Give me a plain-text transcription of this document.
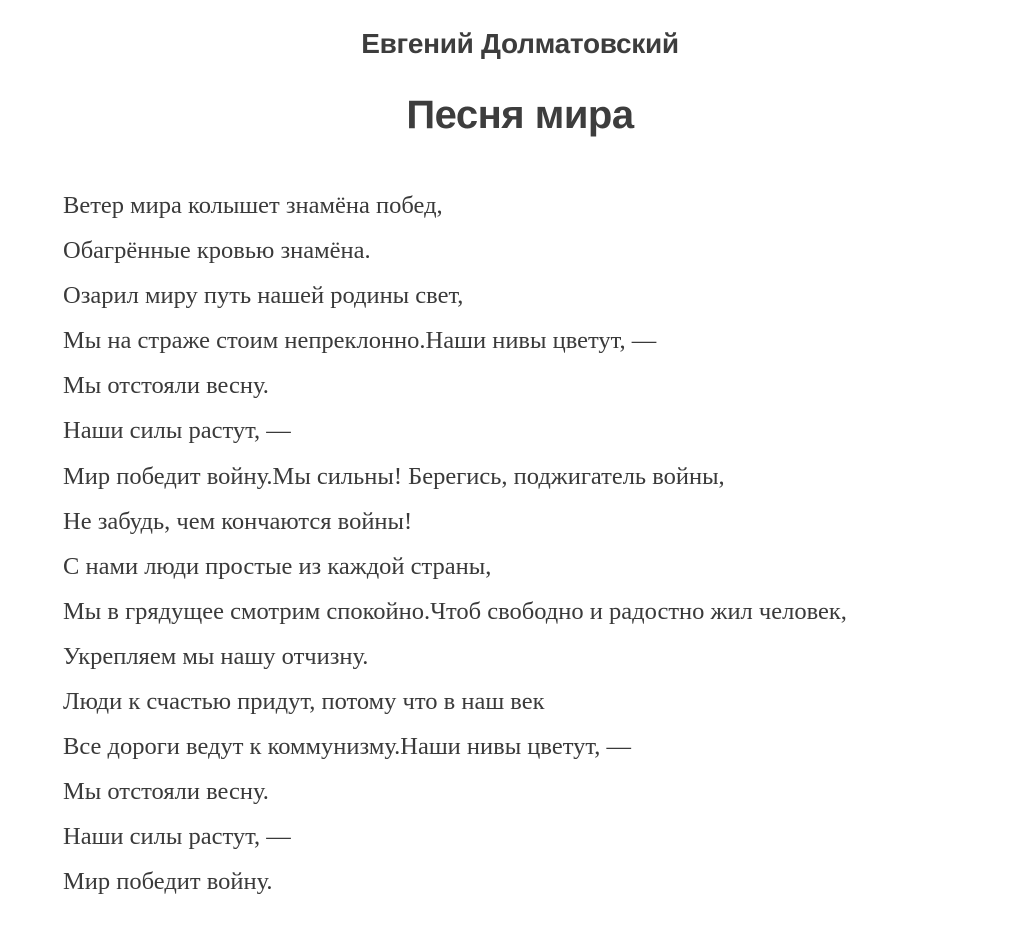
Евгений Долматовский
Песня мира
Ветер мира колышет знамёна побед,
Обагрённые кровью знамёна.
Озарил миру путь нашей родины свет,
Мы на страже стоим непреклонно.Наши нивы цветут, —
Мы отстояли весну.
Наши силы растут, —
Мир победит войну.Мы сильны! Берегись, поджигатель войны,
Не забудь, чем кончаются войны!
С нами люди простые из каждой страны,
Мы в грядущее смотрим спокойно.Чтоб свободно и радостно жил человек,
Укрепляем мы нашу отчизну.
Люди к счастью придут, потому что в наш век
Все дороги ведут к коммунизму.Наши нивы цветут, —
Мы отстояли весну.
Наши силы растут, —
Мир победит войну.
